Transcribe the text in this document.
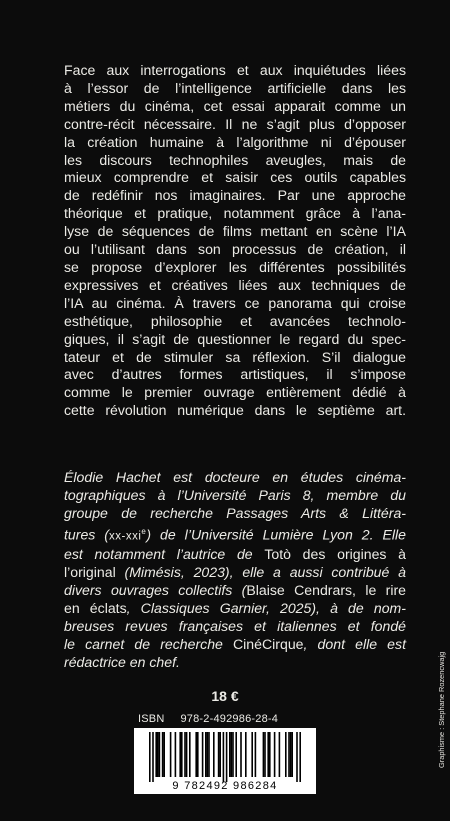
Face aux interrogations et aux inquiétudes liées
à l’essor de l’intelligence artificielle dans les
métiers du cinéma, cet essai apparait comme un
contre-récit nécessaire. Il ne s’agit plus d’opposer
la création humaine à l’algorithme ni d’épouser
les discours technophiles aveugles, mais de
mieux comprendre et saisir ces outils capables
de redéfinir nos imaginaires. Par une approche
théorique et pratique, notamment grâce à l’ana-
lyse de séquences de films mettant en scène l’IA
ou l’utilisant dans son processus de création, il
se propose d’explorer les différentes possibilités
expressives et créatives liées aux techniques de
l’IA au cinéma. À travers ce panorama qui croise
esthétique, philosophie et avancées technolo-
giques, il s’agit de questionner le regard du spec-
tateur et de stimuler sa réflexion. S’il dialogue
avec d’autres formes artistiques, il s’impose
comme le premier ouvrage entièrement dédié à
cette révolution numérique dans le septième art.

Élodie Hachet est docteure en études cinéma-
tographiques à l’Université Paris 8, membre du
groupe de recherche Passages Arts & Littéra-
tures (xx-xxi$^e$) de l’Université Lumière Lyon 2. Elle
est notamment l’autrice de Totò des origines à
l’original (Mimésis, 2023), elle a aussi contribué à
divers ouvrages collectifs (Blaise Cendrars, le rire
en éclats, Classiques Garnier, 2025), à de nom-
breuses revues françaises et italiennes et fondé
le carnet de recherche CinéCirque, dont elle est
rédactrice en chef.

18 €

ISBN 978-2-492986-28-4

9 782492 986284

Graphisme : Stephane Rozencwajg
